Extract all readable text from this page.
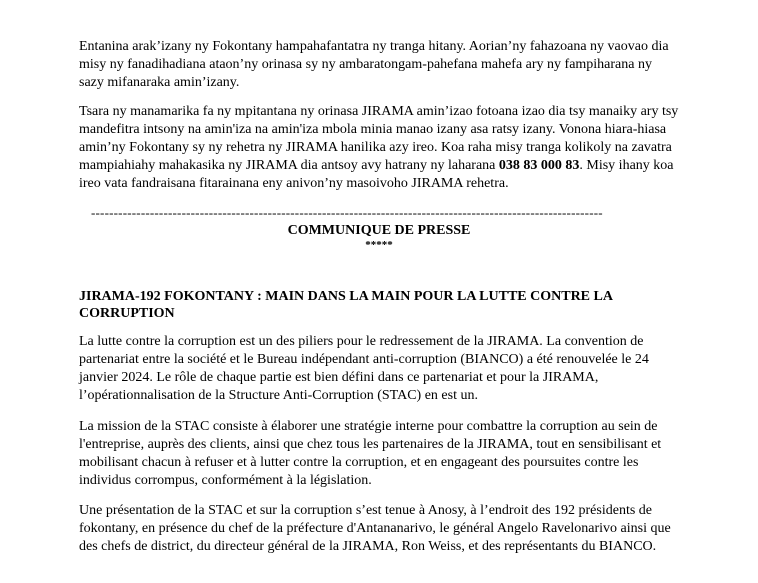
Entanina arak’izany ny Fokontany hampahafantatra ny tranga hitany. Aorian’ny fahazoana ny vaovao dia misy ny fanadihadiana ataon’ny orinasa sy ny ambaratongam-pahefana mahefa ary ny fampiharana ny sazy mifanaraka amin’izany.

Tsara ny manamarika fa ny mpitantana ny orinasa JIRAMA amin’izao fotoana izao dia tsy manaiky ary tsy mandefitra intsony na amin'iza na amin'iza mbola minia manao izany asa ratsy izany. Vonona hiara-hiasa amin’ny Fokontany sy ny rehetra ny JIRAMA hanilika azy ireo. Koa raha misy tranga kolikoly na zavatra mampiahiahy mahakasika ny JIRAMA dia antsoy avy hatrany ny laharana 038 83 000 83. Misy ihany koa ireo vata fandraisana fitarainana eny anivon’ny masoivoho JIRAMA rehetra.

-----------------------------------------------------------------------------------------------------------------
COMMUNIQUE DE PRESSE
*****

JIRAMA-192 FOKONTANY : MAIN DANS LA MAIN POUR LA LUTTE CONTRE LA CORRUPTION

La lutte contre la corruption est un des piliers pour le redressement de la JIRAMA. La convention de partenariat entre la société et le Bureau indépendant anti-corruption (BIANCO) a été renouvelée le 24 janvier 2024. Le rôle de chaque partie est bien défini dans ce partenariat et pour la JIRAMA, l’opérationnalisation de la Structure Anti-Corruption (STAC) en est un.

La mission de la STAC consiste à élaborer une stratégie interne pour combattre la corruption au sein de l'entreprise, auprès des clients, ainsi que chez tous les partenaires de la JIRAMA, tout en sensibilisant et mobilisant chacun à refuser et à lutter contre la corruption, et en engageant des poursuites contre les individus corrompus, conformément à la législation.

Une présentation de la STAC et sur la corruption s’est tenue à Anosy, à l’endroit des 192 présidents de fokontany, en présence du chef de la préfecture d'Antananarivo, le général Angelo Ravelonarivo ainsi que des chefs de district, du directeur général de la JIRAMA, Ron Weiss, et des représentants du BIANCO.
